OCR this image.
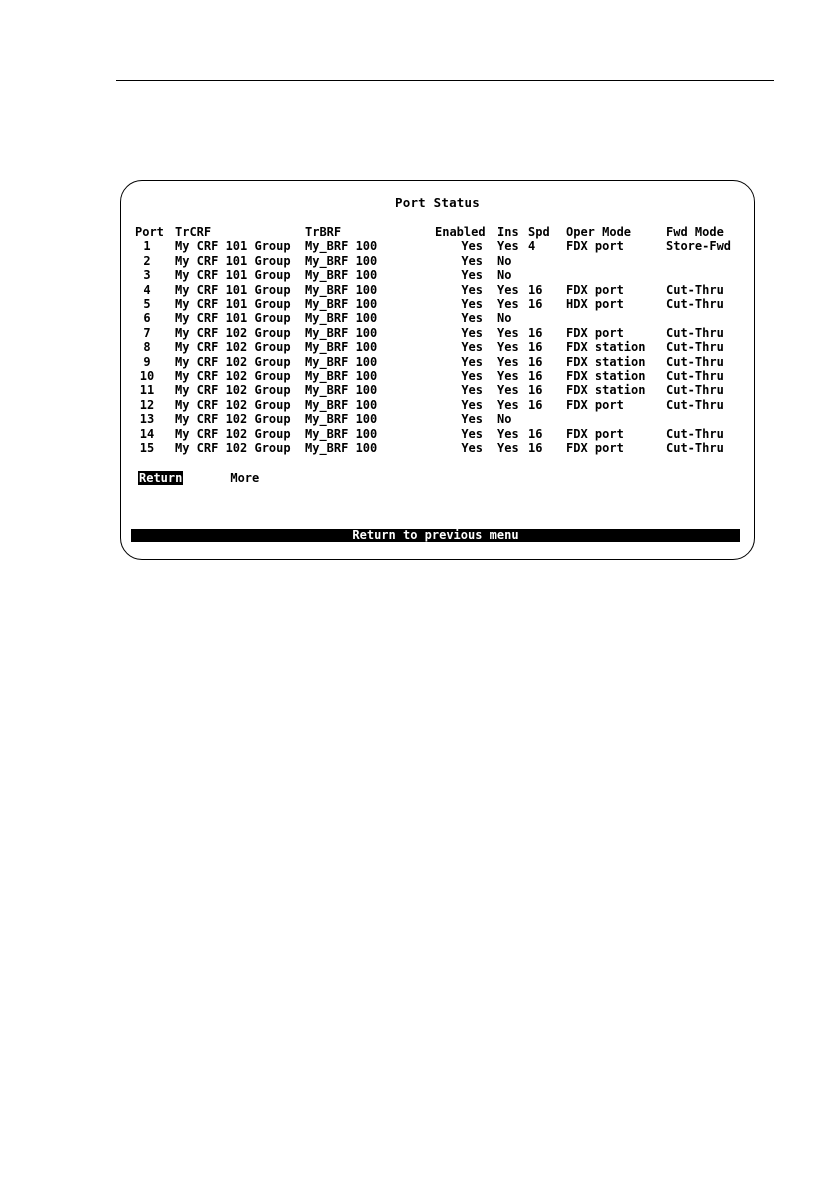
Port Status
Port	TrCRF	TrBRF	Enabled	Ins	Spd	Oper Mode	Fwd Mode
1	My CRF 101 Group	My_BRF 100	Yes	Yes	4	FDX port	Store-Fwd
2	My CRF 101 Group	My_BRF 100	Yes	No			
3	My CRF 101 Group	My_BRF 100	Yes	No			
4	My CRF 101 Group	My_BRF 100	Yes	Yes	16	FDX port	Cut-Thru
5	My CRF 101 Group	My_BRF 100	Yes	Yes	16	HDX port	Cut-Thru
6	My CRF 101 Group	My_BRF 100	Yes	No			
7	My CRF 102 Group	My_BRF 100	Yes	Yes	16	FDX port	Cut-Thru
8	My CRF 102 Group	My_BRF 100	Yes	Yes	16	FDX station	Cut-Thru
9	My CRF 102 Group	My_BRF 100	Yes	Yes	16	FDX station	Cut-Thru
10	My CRF 102 Group	My_BRF 100	Yes	Yes	16	FDX station	Cut-Thru
11	My CRF 102 Group	My_BRF 100	Yes	Yes	16	FDX station	Cut-Thru
12	My CRF 102 Group	My_BRF 100	Yes	Yes	16	FDX port	Cut-Thru
13	My CRF 102 Group	My_BRF 100	Yes	No			
14	My CRF 102 Group	My_BRF 100	Yes	Yes	16	FDX port	Cut-Thru
15	My CRF 102 Group	My_BRF 100	Yes	Yes	16	FDX port	Cut-Thru
Return	More
Return to previous menu
